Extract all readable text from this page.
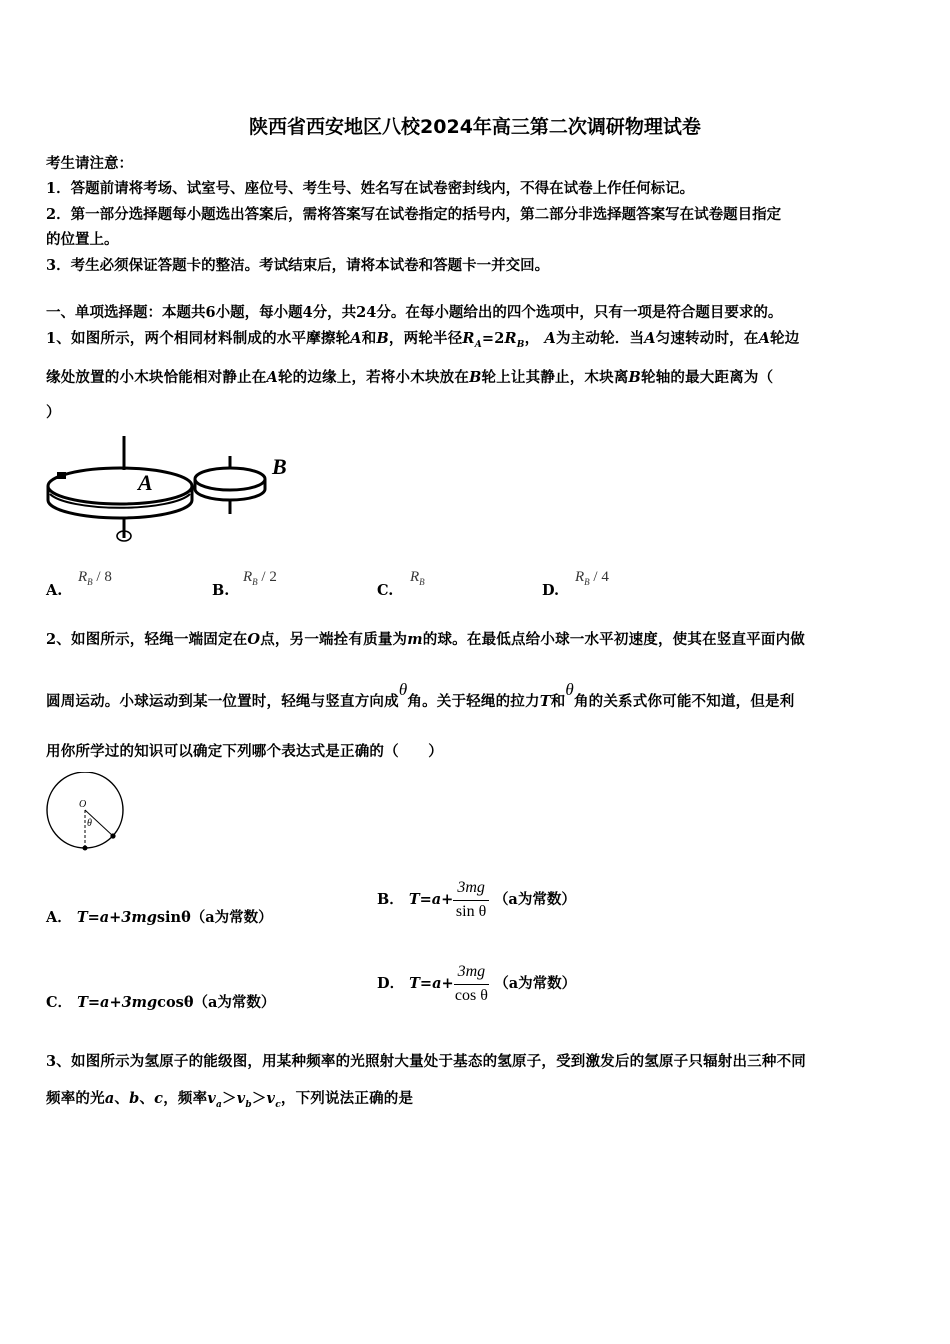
陕西省西安地区八校2024年高三第二次调研物理试卷
考生请注意：
1．答题前请将考场、试室号、座位号、考生号、姓名写在试卷密封线内，不得在试卷上作任何标记。
2．第一部分选择题每小题选出答案后，需将答案写在试卷指定的括号内，第二部分非选择题答案写在试卷题目指定
的位置上。
3．考生必须保证答题卡的整洁。考试结束后，请将本试卷和答题卡一并交回。
一、单项选择题：本题共6小题，每小题4分，共24分。在每小题给出的四个选项中，只有一项是符合题目要求的。
1、如图所示，两个相同材料制成的水平摩擦轮A和B，两轮半径$R_A=2R_B$， A为主动轮．当A匀速转动时，在A轮边
缘处放置的小木块恰能相对静止在A轮的边缘上，若将小木块放在B轮上让其静止，木块离B轮轴的最大距离为（
）
A
B
A.
$R_B / 8$
B.
$R_B / 2$
C.
$R_B$	D.
$R_B / 4$
2、如图所示，轻绳一端固定在O点，另一端拴有质量为m的球。在最低点给小球一水平初速度，使其在竖直平面内做
圆周运动。小球运动到某一位置时，轻绳与竖直方向成θ角。关于轻绳的拉力T和θ角的关系式你可能不知道，但是利
用你所学过的知识可以确定下列哪个表达式是正确的（　　）
O
θ
A． T=a+3mgsinθ（a为常数）
B． $T=a+ \frac{3mg}{\text{sin θ}} (a$为常数）
C． T=a+3mgcosθ（a为常数）
D． $T=a+ \frac{3mg}{\text{cos θ}} (a$为常数）
3、如图所示为氢原子的能级图，用某种频率的光照射大量处于基态的氢原子，受到激发后的氢原子只辐射出三种不同
频率的光a、b、c，频率$v_a>v_b>v_c$，下列说法正确的是
